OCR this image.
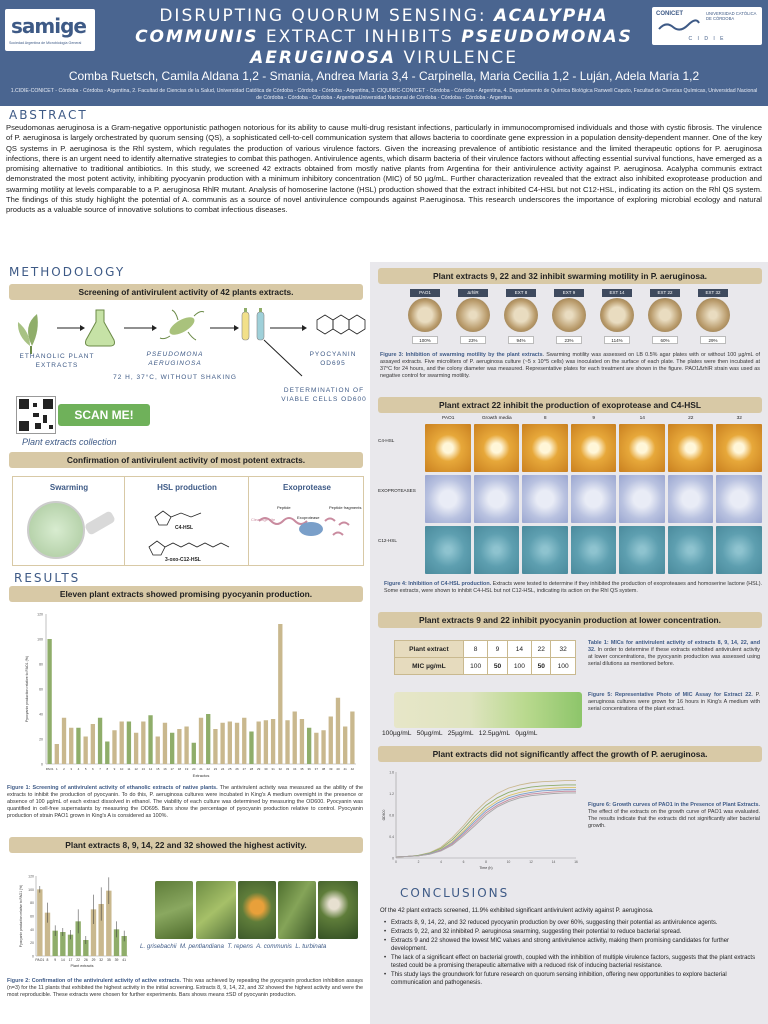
samige
Sociedad Argentina de Microbiología General
CONICET	UNIVERSIDAD CATÓLICA DE CÓRDOBA
C I D I E
DISRUPTING QUORUM SENSING: ACALYPHA
COMMUNIS EXTRACT INHIBITS PSEUDOMONAS
AERUGINOSA VIRULENCE
Comba Ruetsch, Camila Aldana 1,2 - Smania, Andrea Maria 3,4 - Carpinella, Maria Cecilia 1,2 - Luján, Adela Maria 1,2
1.CIDIE-CONICET - Córdoba - Córdoba - Argentina, 2. Facultad de Ciencias de la Salud, Universidad Católica de Córdoba - Córdoba - Córdoba - Argentina, 3. CIQUIBIC-CONICET - Córdoba - Córdoba - Argentina, 4. Departamento de Química Biológica Ranwell Caputo, Facultad de Ciencias Químicas, Universidad Nacional de Córdoba - Córdoba - Córdoba - ArgentinaUniversidad Nacional de Córdoba - Córdoba - Córdoba - Argentina
ABSTRACT
Pseudomonas aeruginosa is a Gram-negative opportunistic pathogen notorious for its ability to cause multi-drug resistant infections, particularly in immunocompromised individuals and those with cystic fibrosis. The virulence of P. aeruginosa is largely orchestrated by quorum sensing (QS), a sophisticated cell-to-cell communication system that allows bacteria to coordinate gene expression in a population density-dependent manner. One of the key QS systems in P. aeruginosa is the Rhl system, which regulates the production of various virulence factors. Given the increasing prevalence of antibiotic resistance and the limited therapeutic options for P. aeruginosa infections, there is an urgent need to identify alternative strategies to combat this pathogen. Antivirulence agents, which disarm bacteria of their virulence factors without affecting essential survival functions, have emerged as a promising alternative to traditional antibiotics. In this study, we screened 42 extracts obtained from mostly native plants from Argentina for their antivirulence activity against P. aeruginosa. Acalypha communis extract demonstrated the most potent activity, inhibiting pyocyanin production with a minimum inhibitory concentration (MIC) of 50 µg/mL. Further characterization revealed that the extract also inhibited exoprotease production and swarming motility at levels comparable to a P. aeruginosa RhlR mutant. Analysis of homoserine lactone (HSL) production showed that the extract inhibited C4-HSL but not C12-HSL, indicating its action on the Rhl QS system. The findings of this study highlight the potential of A. communis as a source of novel antivirulence compounds against P.aeruginosa. This research underscores the importance of exploring microbial ecology and natural products as a valuable source of innovative solutions to combat infectious diseases.
METHODOLOGY
Screening of antivirulent activity of 42 plants extracts.
ETHANOLIC PLANT EXTRACTS
PSEUDOMONA AERUGINOSA
72 H, 37°C, WITHOUT SHAKING
PYOCYANIN OD695
DETERMINATION OF VIABLE CELLS OD600
SCAN ME!
Plant extracts collection
Confirmation of antivirulent activity of most potent extracts.
Swarming	HSL production
C4-HSL
3-oxo-C12-HSL
Exoprotease
Peptide
Exoprotease
Peptide fragments
Cleavage site
RESULTS
Eleven plant extracts showed promising pyocyanin production.
0
20
40
60
80
100
120
PAO1 1 2 3 4 5 6 7 8 9 10 11 12 13 14 15 16 17 18 19 20 21 22 23 24 25 26 27 28 29 30 31 32 33 34 35 36 37 38 39 40 41 42
Extractos
Pyocyanin production relative to PAO1 (%)
Figure 1: Screening of antivirulent activity of ethanolic extracts of native plants. The antivirulent activity was measured as the ability of the extracts to inhibit the production of pyocyanin. To do this, P. aeruginosa cultures were incubated in King's A medium overnight in the presence or absence of 100 µg/mL of each extract dissolved in ethanol. The viability of each culture was determined by measuring the OD600. Pyocyanin was quantified in cell-free supernatants by measuring the OD695. Bars show the percentage of pyocyanin production relative to control. Pyocyanin production of strain PAO1 grown in King's A is considered as 100%.
Plant extracts 8, 9, 14, 22 and 32 showed the highest activity.
0
20
40
60
80
100
120
PAO1 8 9 14 17 22 26 29 32 35 39 41
Plant extracts
Pyocyanin production relative to PAO1 (%)	L. grisebachii  M. pentlandiana  T. repens  A. communis  L. turbinata
Figure 2: Confirmation of the antivirulent activity of active extracts. This was achieved by repeating the pyocyanin production inhibition assays (n=3) for the 11 plants that exhibited the highest activity in the initial screening. Extracts 8, 9, 14, 22, and 32 showed the highest activity and were the most reproducible. These extracts were chosen for further experiments. Bars shows means ±SD of pyocyanin production.
Plant extracts 9, 22 and 32 inhibit swarming motility in P. aeruginosa.
PAO1
100%
ΔrhlR
23%
EXT 8
94%
EXT 9
23%
EXT 14
114%
EXT 22
60%
EXT 32
29%
Figure 3: Inhibition of swarming motility by the plant extracts. Swarming motility was assessed on LB 0.5% agar plates with or without 100 µg/mL of assayed extracts. Five microliters of P. aeruginosa culture (~5 x 10^5 cells) was inoculated on the surface of each plate. The plates were then incubated at 37°C for 24 hours, and the colony diameter was measured. Representative plates for each treatment are shown in the figure. PAO1ΔrhlR strain was used as negative control for swarming motility.
Plant extract 22 inhibit the production of exoprotease and C4-HSL
PAO1	Growth media	8	9	14	22	32
C4-HSL
EXOPROTEASES
C12-HSL
Figure 4: Inhibition of C4-HSL production. Extracts were tested to determine if they inhibited the production of exoproteases and homoserine lactone (HSL). Some extracts, were shown to inhibit C4-HSL but not C12-HSL, indicating its action on the Rhl QS system.
Plant extracts 9 and 22 inhibit pyocyanin production at lower concentration.
Plant extract	8	9	14	22	32
MIC µg/mL	100	50	100	50	100
Table 1: MICs for antivirulent activity of extracts 8, 9, 14, 22, and 32. In order to determine if these extracts exhibited antivirulent activity at lower concentrations, the pyocyanin production was assessed using serial dilutions as mentioned before.
100µg/mL   50µg/mL   25µg/mL   12.5µg/mL   0µg/mL
Figure 5: Representative Photo of MIC Assay for Extract 22. P. aeruginosa cultures were grown for 16 hours in King's A medium with serial concentrations of the plant extract.
Plant extracts did not significantly affect the growth of P. aeruginosa.
0
0.4
0.8
1.2
1.6
0	2	4	6	8	10	12	14	16
Time (h)
OD600
Figure 6: Growth curves of PAO1 in the Presence of Plant Extracts. The effect of the extracts on the growth curve of PAO1 was evaluated. The results indicate that the extracts did not significantly alter bacterial growth.
CONCLUSIONS
Of the 42 plant extracts screened, 11.9% exhibited significant antivirulent activity against P. aeruginosa.
• Extracts 8, 9, 14, 22, and 32 reduced pyocyanin production by over 60%, suggesting their potential as antivirulence agents.
• Extracts 9, 22, and 32 inhibited P. aeruginosa swarming, suggesting their potential to reduce bacterial spread.
• Extracts 9 and 22 showed the lowest MIC values and strong antivirulence activity, making them promising candidates for further development.
• The lack of a significant effect on bacterial growth, coupled with the inhibition of multiple virulence factors, suggests that the plant extracts tested could be a promising therapeutic alternative with a reduced risk of inducing bacterial resistance.
• This study lays the groundwork for future research on quorum sensing inhibition, offering new opportunities to explore bacterial communication and pathogenesis.
